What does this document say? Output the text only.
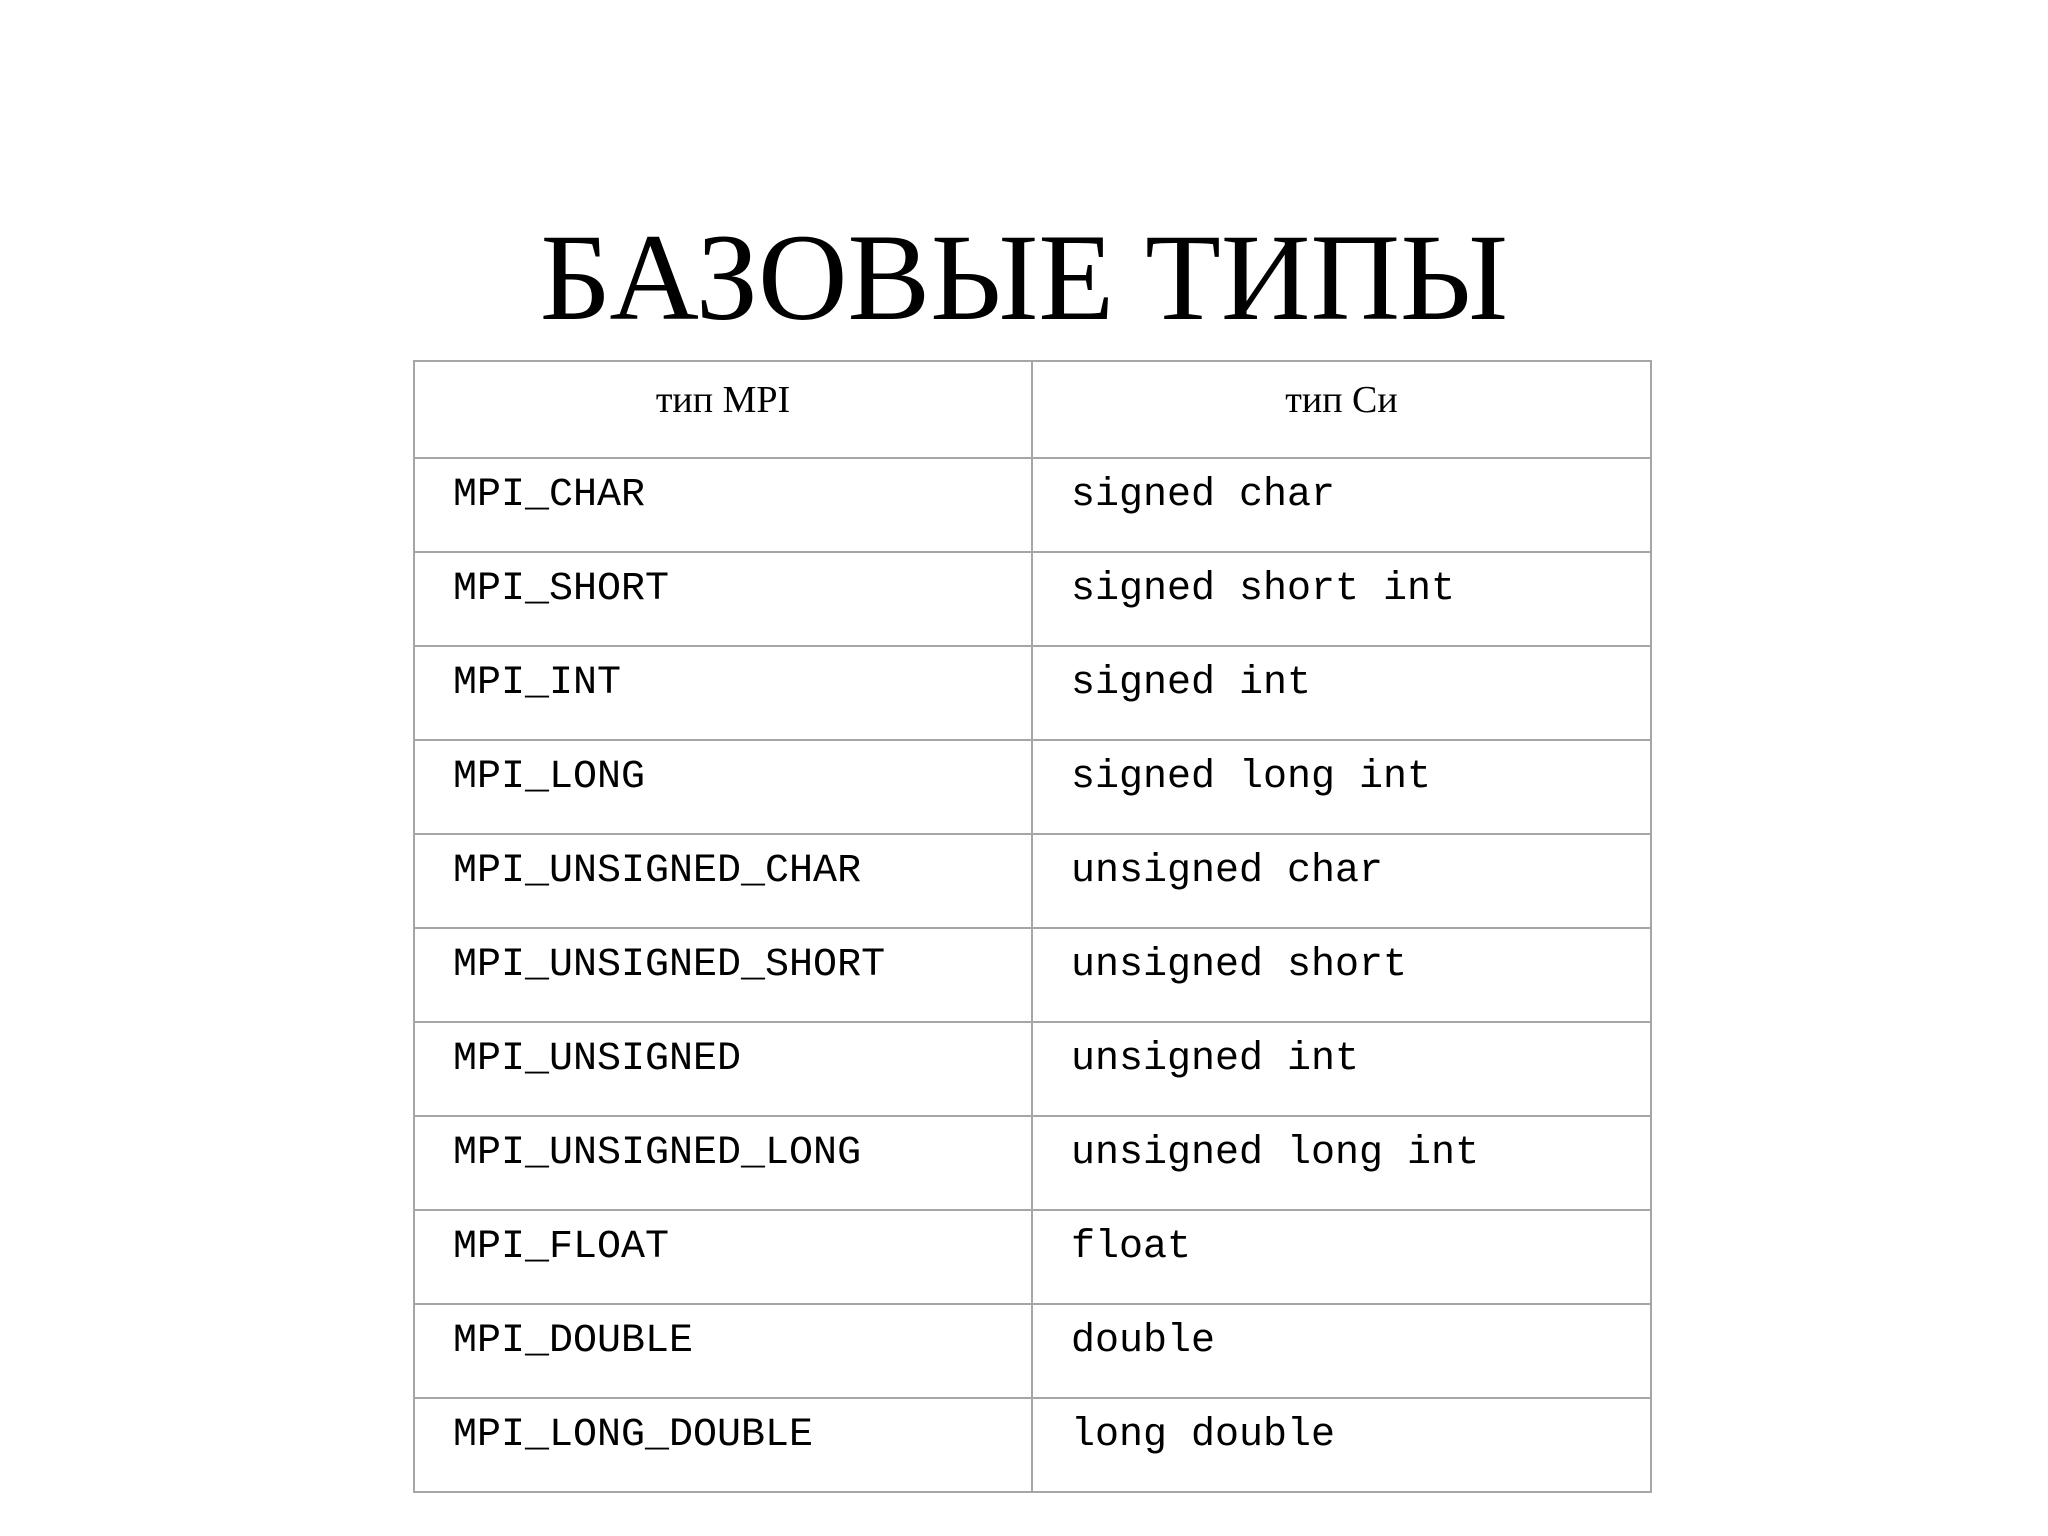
БАЗОВЫЕ ТИПЫ
тип MPI	тип Си
MPI_CHAR	signed char
MPI_SHORT	signed short int
MPI_INT	signed int
MPI_LONG	signed long int
MPI_UNSIGNED_CHAR	unsigned char
MPI_UNSIGNED_SHORT	unsigned short
MPI_UNSIGNED	unsigned int
MPI_UNSIGNED_LONG	unsigned long int
MPI_FLOAT	float
MPI_DOUBLE	double
MPI_LONG_DOUBLE	long double
